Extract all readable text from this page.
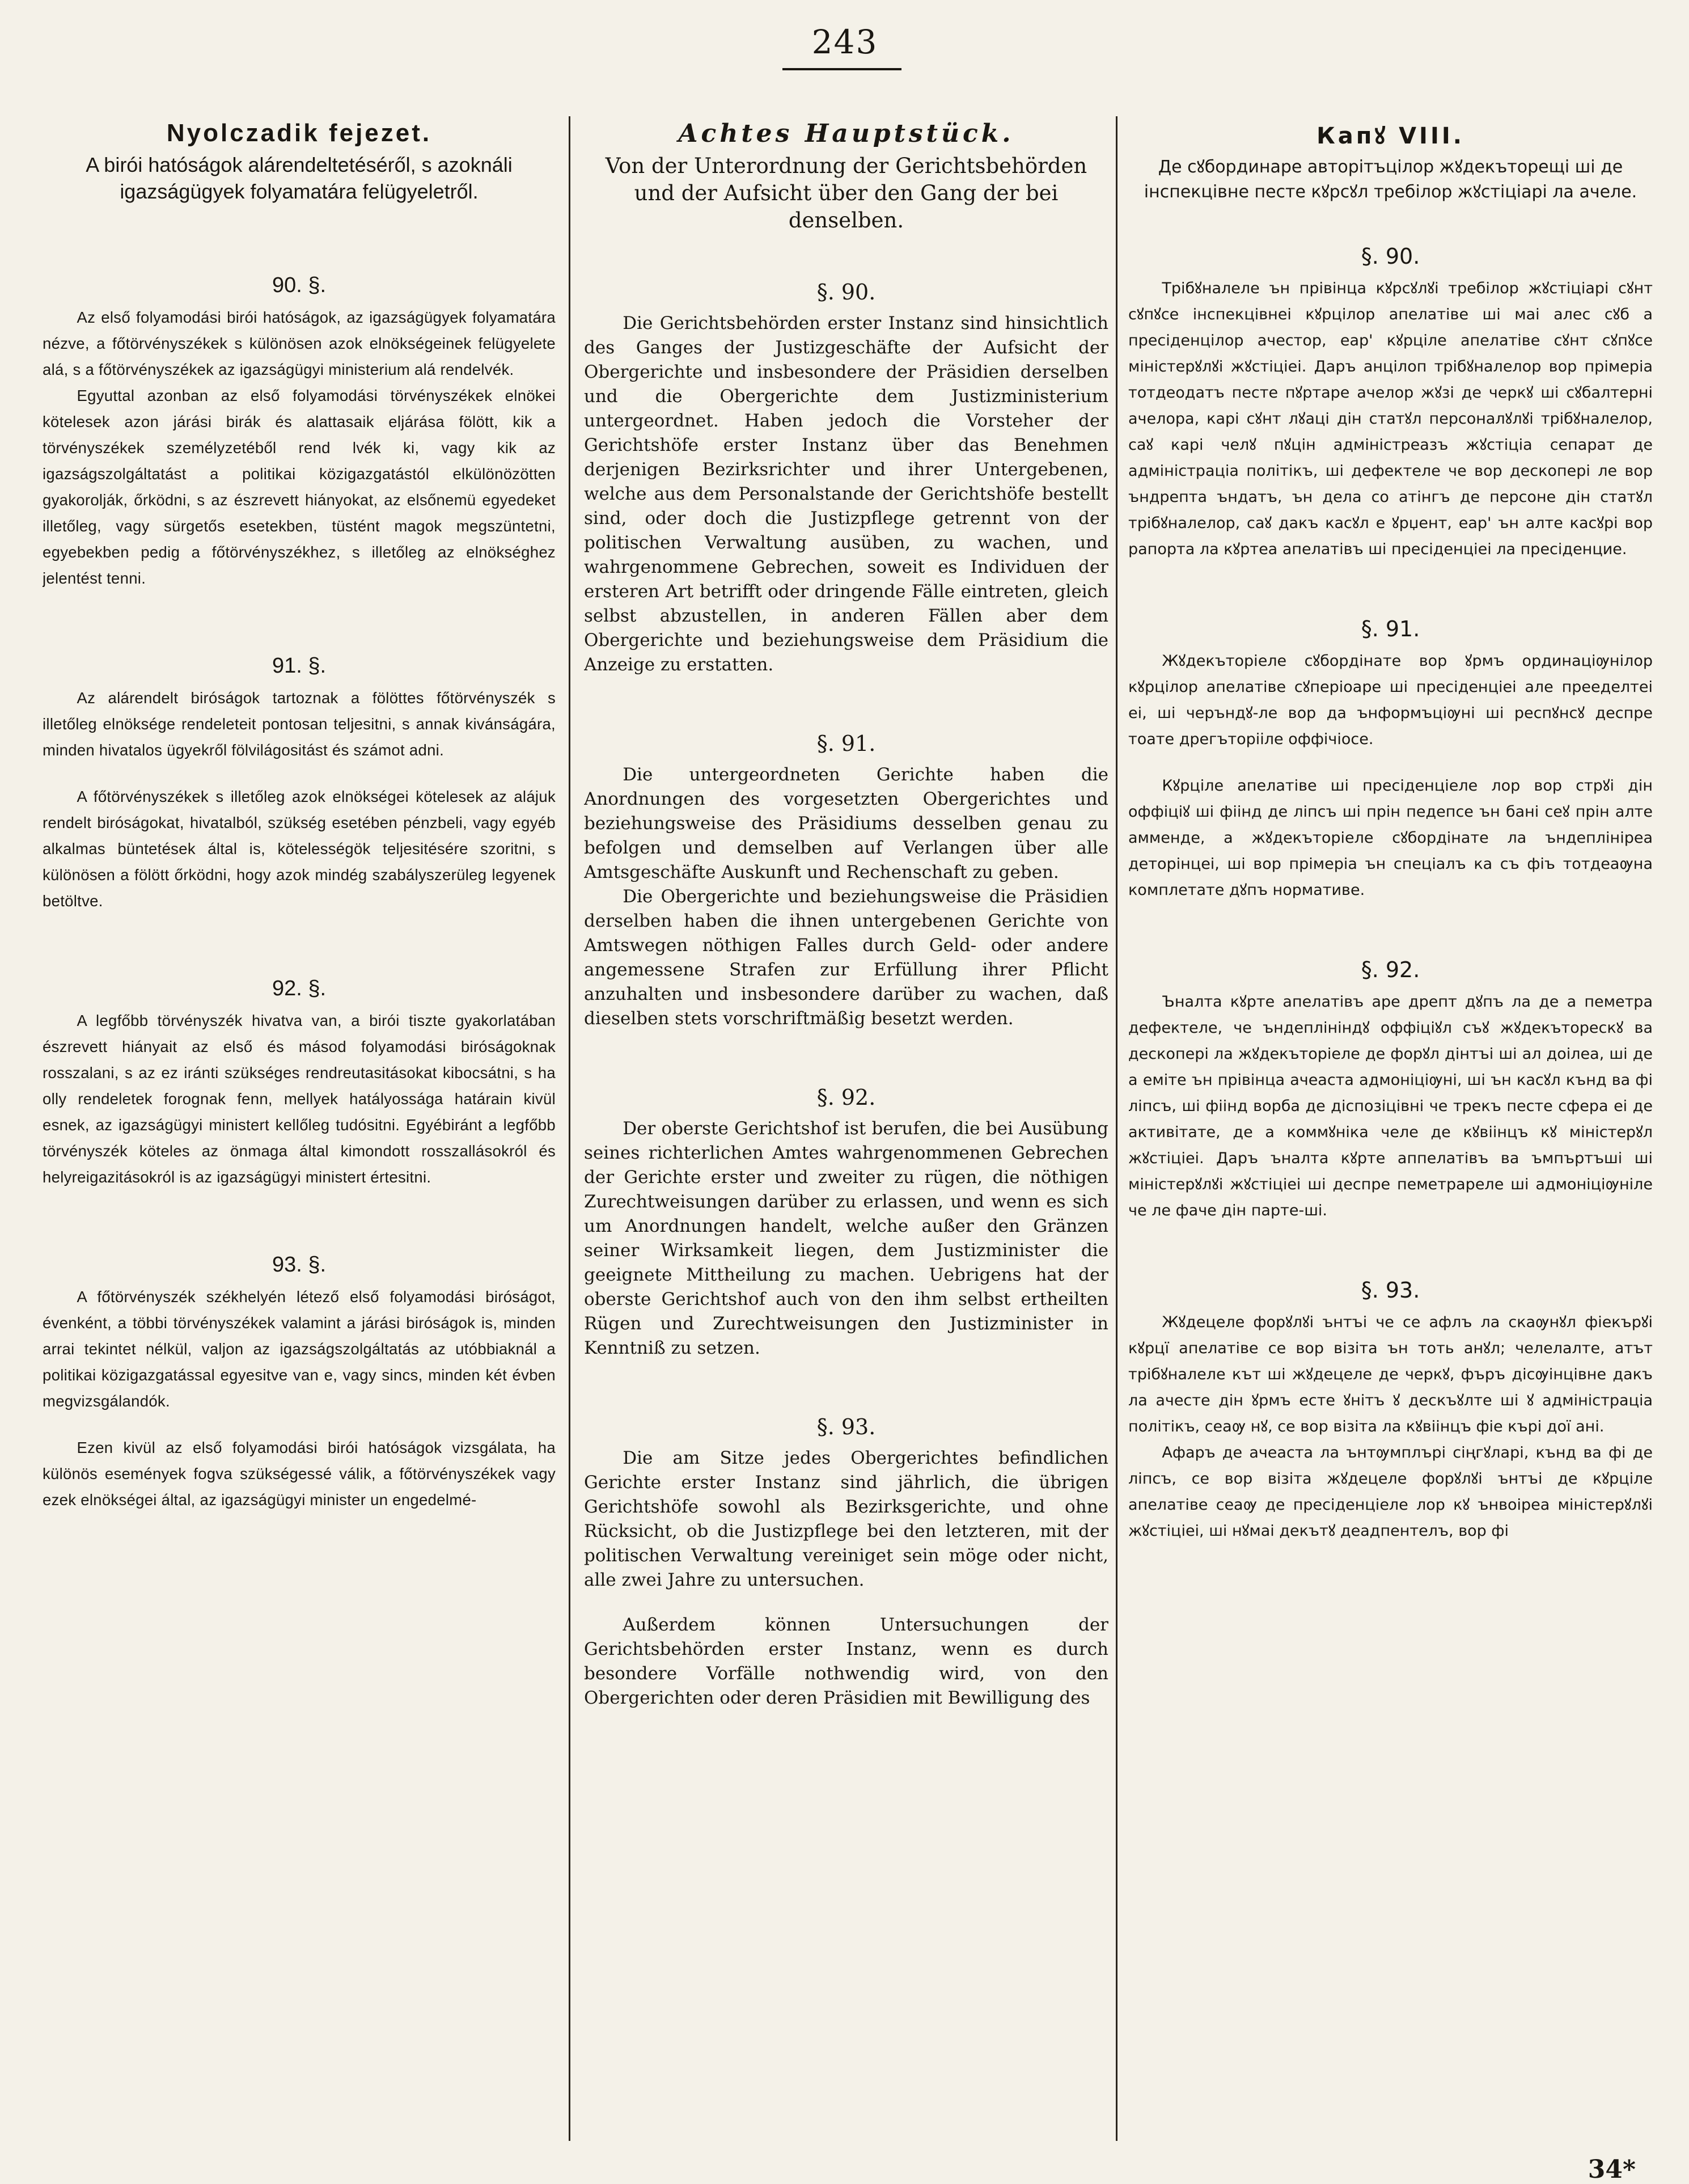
243
Nyolczadik fejezet.
A birói hatóságok alárendeltetéséről, s azoknáli igazságügyek folyamatára felügyeletről.
90. §.

Az első folyamodási birói hatóságok, az igazságügyek folyamatára nézve, a főtörvényszékek s különösen azok elnökségeinek felügyelete alá, s a főtörvényszékek az igazságügyi ministerium alá rendelvék.

Egyuttal azonban az első folyamodási törvényszékek elnökei kötelesek azon járási birák és alattasaik eljárása fölött, kik a törvényszékek személyzetéből rend lvék ki, vagy kik az igazságszolgáltatást a politikai közigazgatástól elkülönözötten gyakorolják, őrködni, s az észrevett hiányokat, az elsőnemü egyedeket illetőleg, vagy sürgetős esetekben, tüstént magok megszüntetni, egyebekben pedig a főtörvényszékhez, s illetőleg az elnökséghez jelentést tenni.

91. §.

Az alárendelt biróságok tartoznak a fölöttes főtörvényszék s illetőleg elnöksége rendeleteit pontosan teljesitni, s annak kivánságára, minden hivatalos ügyekről fölvilágositást és számot adni.

A főtörvényszékek s illetőleg azok elnökségei kötelesek az alájuk rendelt biróságokat, hivatalból, szükség esetében pénzbeli, vagy egyéb alkalmas büntetések által is, kötelességök teljesitésére szoritni, s különösen a fölött őrködni, hogy azok mindég szabályszerüleg legyenek betöltve.

92. §.

A legfőbb törvényszék hivatva van, a birói tiszte gyakorlatában észrevett hiányait az első és másod folyamodási biróságoknak rosszalani, s az ez iránti szükséges rendreutasitásokat kibocsátni, s ha olly rendeletek forognak fenn, mellyek hatályossága határain kivül esnek, az igazságügyi ministert kellőleg tudósitni. Egyébiránt a legfőbb törvényszék köteles az önmaga által kimondott rosszallásokról és helyreigazitásokról is az igazságügyi ministert értesitni.

93. §.

A főtörvényszék székhelyén létező első folyamodási biróságot, évenként, a többi törvényszékek valamint a járási biróságok is, minden arrai tekintet nélkül, valjon az igazságszolgáltatás az utóbbiaknál a politikai közigazgatással egyesitve van e, vagy sincs, minden két évben megvizsgálandók.

Ezen kivül az első folyamodási birói hatóságok vizsgálata, ha különös események fogva szükségessé válik, a főtörvényszékek vagy ezek elnökségei által, az igazságügyi minister un engedelmé-

Achtes Hauptstück.
Von der Unterordnung der Gerichtsbehörden und der Aufsicht über den Gang der bei denselben.
§. 90.

Die Gerichtsbehörden erster Instanz sind hinsichtlich des Ganges der Justizgeschäfte der Aufsicht der Obergerichte und insbesondere der Präsidien derselben und die Obergerichte dem Justizministerium untergeordnet. Haben jedoch die Vorsteher der Gerichtshöfe erster Instanz über das Benehmen derjenigen Bezirksrichter und ihrer Untergebenen, welche aus dem Personalstande der Gerichtshöfe bestellt sind, oder doch die Justizpflege getrennt von der politischen Verwaltung ausüben, zu wachen, und wahrgenommene Gebrechen, soweit es Individuen der ersteren Art betrifft oder dringende Fälle eintreten, gleich selbst abzustellen, in anderen Fällen aber dem Obergerichte und beziehungsweise dem Präsidium die Anzeige zu erstatten.

§. 91.

Die untergeordneten Gerichte haben die Anordnungen des vorgesetzten Obergerichtes und beziehungsweise des Präsidiums desselben genau zu befolgen und demselben auf Verlangen über alle Amtsgeschäfte Auskunft und Rechenschaft zu geben.

Die Obergerichte und beziehungsweise die Präsidien derselben haben die ihnen untergebenen Gerichte von Amtswegen nöthigen Falles durch Geld- oder andere angemessene Strafen zur Erfüllung ihrer Pflicht anzuhalten und insbesondere darüber zu wachen, daß dieselben stets vorschriftmäßig besetzt werden.

§. 92.

Der oberste Gerichtshof ist berufen, die bei Ausübung seines richterlichen Amtes wahrgenommenen Gebrechen der Gerichte erster und zweiter zu rügen, die nöthigen Zurechtweisungen darüber zu erlassen, und wenn es sich um Anordnungen handelt, welche außer den Gränzen seiner Wirksamkeit liegen, dem Justizminister die geeignete Mittheilung zu machen. Uebrigens hat der oberste Gerichtshof auch von den ihm selbst ertheilten Rügen und Zurechtweisungen den Justizminister in Kenntniß zu setzen.

§. 93.

Die am Sitze jedes Obergerichtes befindlichen Gerichte erster Instanz sind jährlich, die übrigen Gerichtshöfe sowohl als Bezirksgerichte, und ohne Rücksicht, ob die Justizpflege bei den letzteren, mit der politischen Verwaltung vereiniget sein möge oder nicht, alle zwei Jahre zu untersuchen.

Außerdem können Untersuchungen der Gerichtsbehörden erster Instanz, wenn es durch besondere Vorfälle nothwendig wird, von den Obergerichten oder deren Präsidien mit Bewilligung des

Капꙋ VIII.
Де сꙋбординаре авторітъцілор жꙋдекъторещі ші де інспекцівне песте кꙋрсꙋл требілор жꙋстіціарі ла ачеле.
§. 90.

Трібꙋналеле ън прівінца кꙋрсꙋлꙋі требілор жꙋстіціарі сꙋнт сꙋпꙋсе інспекцівнеі кꙋрцілор апелатіве ші маі алес сꙋб а пресіденцілор ачестор, еар' кꙋрціле апелатіве сꙋнт сꙋпꙋсе міністерꙋлꙋі жꙋстіціеі. Даръ анцілоп трібꙋналелор вор прімеріа тотдеодатъ песте пꙋртаре ачелор жꙋзі де черкꙋ ші сꙋбалтерні ачелора, карі сꙋнт лꙋаці дін статꙋл персоналꙋлꙋі трібꙋналелор, саꙋ карі челꙋ пꙋцін адміністреазъ жꙋстіціа сепарат де адміністраціа політікъ, ші дефектеле че вор дескопері ле вор ъндрепта ъндатъ, ън дела со атінгъ де персоне дін статꙋл трібꙋналелор, саꙋ дакъ касꙋл е ꙋрџент, еар' ън алте касꙋрі вор рапорта ла кꙋртеа апелатівъ ші пресіденціеі ла пресіденцие.

§. 91.

Жꙋдекъторіеле сꙋбордінате вор ꙋрмъ ординаціѹнілор кꙋрцілор апелатіве сꙋперіоаре ші пресіденціеі але прееделтеі еі, ші черъндꙋ-ле вор да ънформъціѹні ші респꙋнсꙋ деспре тоате дрегъторііле оффічіосе.

Кꙋрціле апелатіве ші пресіденціеле лор вор стрꙋі дін оффіціꙋ ші фіінд де ліпсъ ші прін педепсе ън бані сеꙋ прін алте амменде, а жꙋдекъторіеле сꙋбордінате ла ъндеплініреа деторінцеі, ші вор прімеріа ън спеціалъ ка съ фіъ тотдеаѹна комплетате дꙋпъ нормативе.

§. 92.

Ъналта кꙋрте апелатівъ аре дрепт дꙋпъ ла де а пеметра дефектеле, че ъндеплініндꙋ оффіціꙋл съꙋ жꙋдекъторескꙋ ва дескопері ла жꙋдекъторіеле де форꙋл дінтъі ші ал доілеа, ші де а еміте ън прівінца ачеаста адмоніціѹні, ші ън касꙋл кънд ва фі ліпсъ, ші фіінд ворба де діспозіцівні че трекъ песте сфера еі де активітате, де а коммꙋніка челе де кꙋвіінцъ кꙋ міністерꙋл жꙋстіціеі. Даръ ъналта кꙋрте аппелатівъ ва ъмпъртъші ші міністерꙋлꙋі жꙋстіціеі ші деспре пеметрареле ші адмоніціѹніле че ле фаче дін парте-ші.

§. 93.

Жꙋдецеле форꙋлꙋі ънтъі че се афлъ ла скаѹнꙋл фіекърꙋі кꙋрцї апелатіве се вор візіта ън тоть анꙋл; челелалте, атът трібꙋналеле кът ші жꙋдецеле де черкꙋ, фъръ дісѹінцівне дакъ ла ачесте дін ꙋрмъ есте ꙋнітъ ꙋ дескъꙋлте ші ꙋ адміністраціа політікъ, сеаѹ нꙋ, се вор візіта ла кꙋвіінцъ фіе кърі дої ані.

Афаръ де ачеаста ла ънтѹмплърі сіңгꙋларі, кънд ва фі де ліпсъ, се вор візіта жꙋдецеле форꙋлꙋі ънтъі де кꙋрціле апелатіве сеаѹ де пресіденціеле лор кꙋ ънвоіреа міністерꙋлꙋі жꙋстіціеі, ші нꙋмаі декътꙋ деадпентелъ, вор фі

34*
